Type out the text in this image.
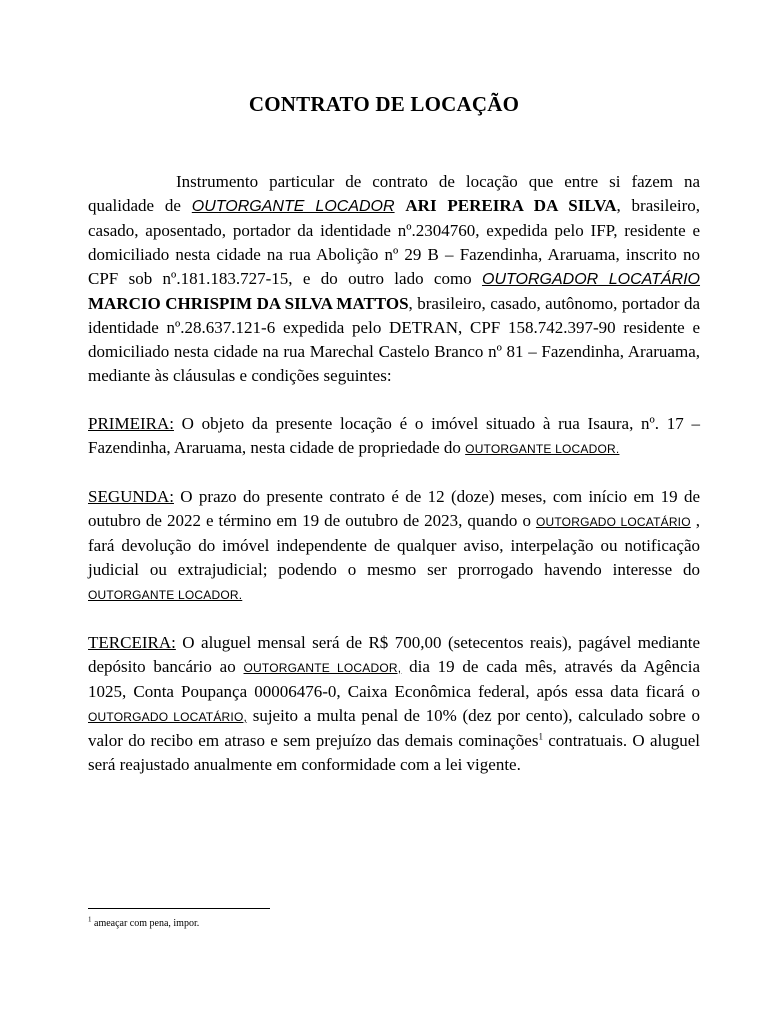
CONTRATO DE LOCAÇÃO

Instrumento particular de contrato de locação que entre si fazem na qualidade de OUTORGANTE LOCADOR ARI PEREIRA DA SILVA, brasileiro, casado, aposentado, portador da identidade nº.2304760, expedida pelo IFP, residente e domiciliado nesta cidade na rua Abolição nº 29 B – Fazendinha, Araruama, inscrito no CPF sob nº.181.183.727-15, e do outro lado como OUTORGADOR LOCATÁRIO MARCIO CHRISPIM DA SILVA MATTOS, brasileiro, casado, autônomo, portador da identidade nº.28.637.121-6 expedida pelo DETRAN, CPF 158.742.397-90 residente e domiciliado nesta cidade na rua Marechal Castelo Branco nº 81 – Fazendinha, Araruama, mediante às cláusulas e condições seguintes:

PRIMEIRA: O objeto da presente locação é o imóvel situado à rua Isaura, nº. 17 – Fazendinha, Araruama, nesta cidade de propriedade do OUTORGANTE LOCADOR.

SEGUNDA: O prazo do presente contrato é de 12 (doze) meses, com início em 19 de outubro de 2022 e término em 19 de outubro de 2023, quando o OUTORGADO LOCATÁRIO , fará devolução do imóvel independente de qualquer aviso, interpelação ou notificação judicial ou extrajudicial; podendo o mesmo ser prorrogado havendo interesse do OUTORGANTE LOCADOR.

TERCEIRA: O aluguel mensal será de R$ 700,00 (setecentos reais), pagável mediante depósito bancário ao OUTORGANTE LOCADOR, dia 19 de cada mês, através da Agência 1025, Conta Poupança 00006476-0, Caixa Econômica federal, após essa data ficará o OUTORGADO LOCATÁRIO, sujeito a multa penal de 10% (dez por cento), calculado sobre o valor do recibo em atraso e sem prejuízo das demais cominações$^1$ contratuais. O aluguel será reajustado anualmente em conformidade com a lei vigente.

$^1$ ameaçar com pena, impor.
